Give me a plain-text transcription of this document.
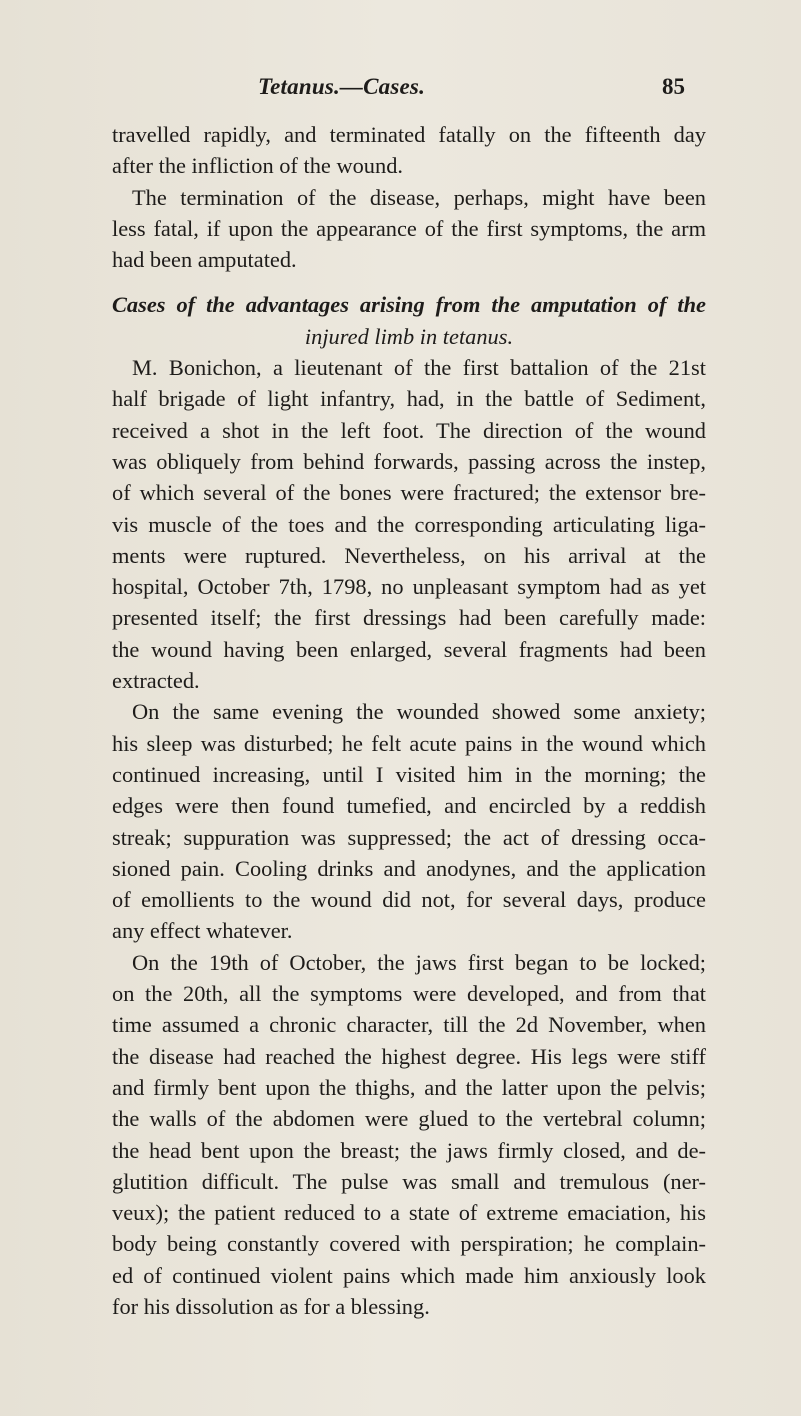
Tetanus.—Cases.	85
travelled rapidly, and terminated fatally on the fifteenth day
after the infliction of the wound.
The termination of the disease, perhaps, might have been
less fatal, if upon the appearance of the first symptoms, the arm
had been amputated.
Cases of the advantages arising from the amputation of the
injured limb in tetanus.
M. Bonichon, a lieutenant of the first battalion of the 21st
half brigade of light infantry, had, in the battle of Sediment,
received a shot in the left foot. The direction of the wound
was obliquely from behind forwards, passing across the instep,
of which several of the bones were fractured; the extensor bre-
vis muscle of the toes and the corresponding articulating liga-
ments were ruptured. Nevertheless, on his arrival at the
hospital, October 7th, 1798, no unpleasant symptom had as yet
presented itself; the first dressings had been carefully made:
the wound having been enlarged, several fragments had been
extracted.
On the same evening the wounded showed some anxiety;
his sleep was disturbed; he felt acute pains in the wound which
continued increasing, until I visited him in the morning; the
edges were then found tumefied, and encircled by a reddish
streak; suppuration was suppressed; the act of dressing occa-
sioned pain. Cooling drinks and anodynes, and the application
of emollients to the wound did not, for several days, produce
any effect whatever.
On the 19th of October, the jaws first began to be locked;
on the 20th, all the symptoms were developed, and from that
time assumed a chronic character, till the 2d November, when
the disease had reached the highest degree. His legs were stiff
and firmly bent upon the thighs, and the latter upon the pelvis;
the walls of the abdomen were glued to the vertebral column;
the head bent upon the breast; the jaws firmly closed, and de-
glutition difficult. The pulse was small and tremulous (ner-
veux); the patient reduced to a state of extreme emaciation, his
body being constantly covered with perspiration; he complain-
ed of continued violent pains which made him anxiously look
for his dissolution as for a blessing.
